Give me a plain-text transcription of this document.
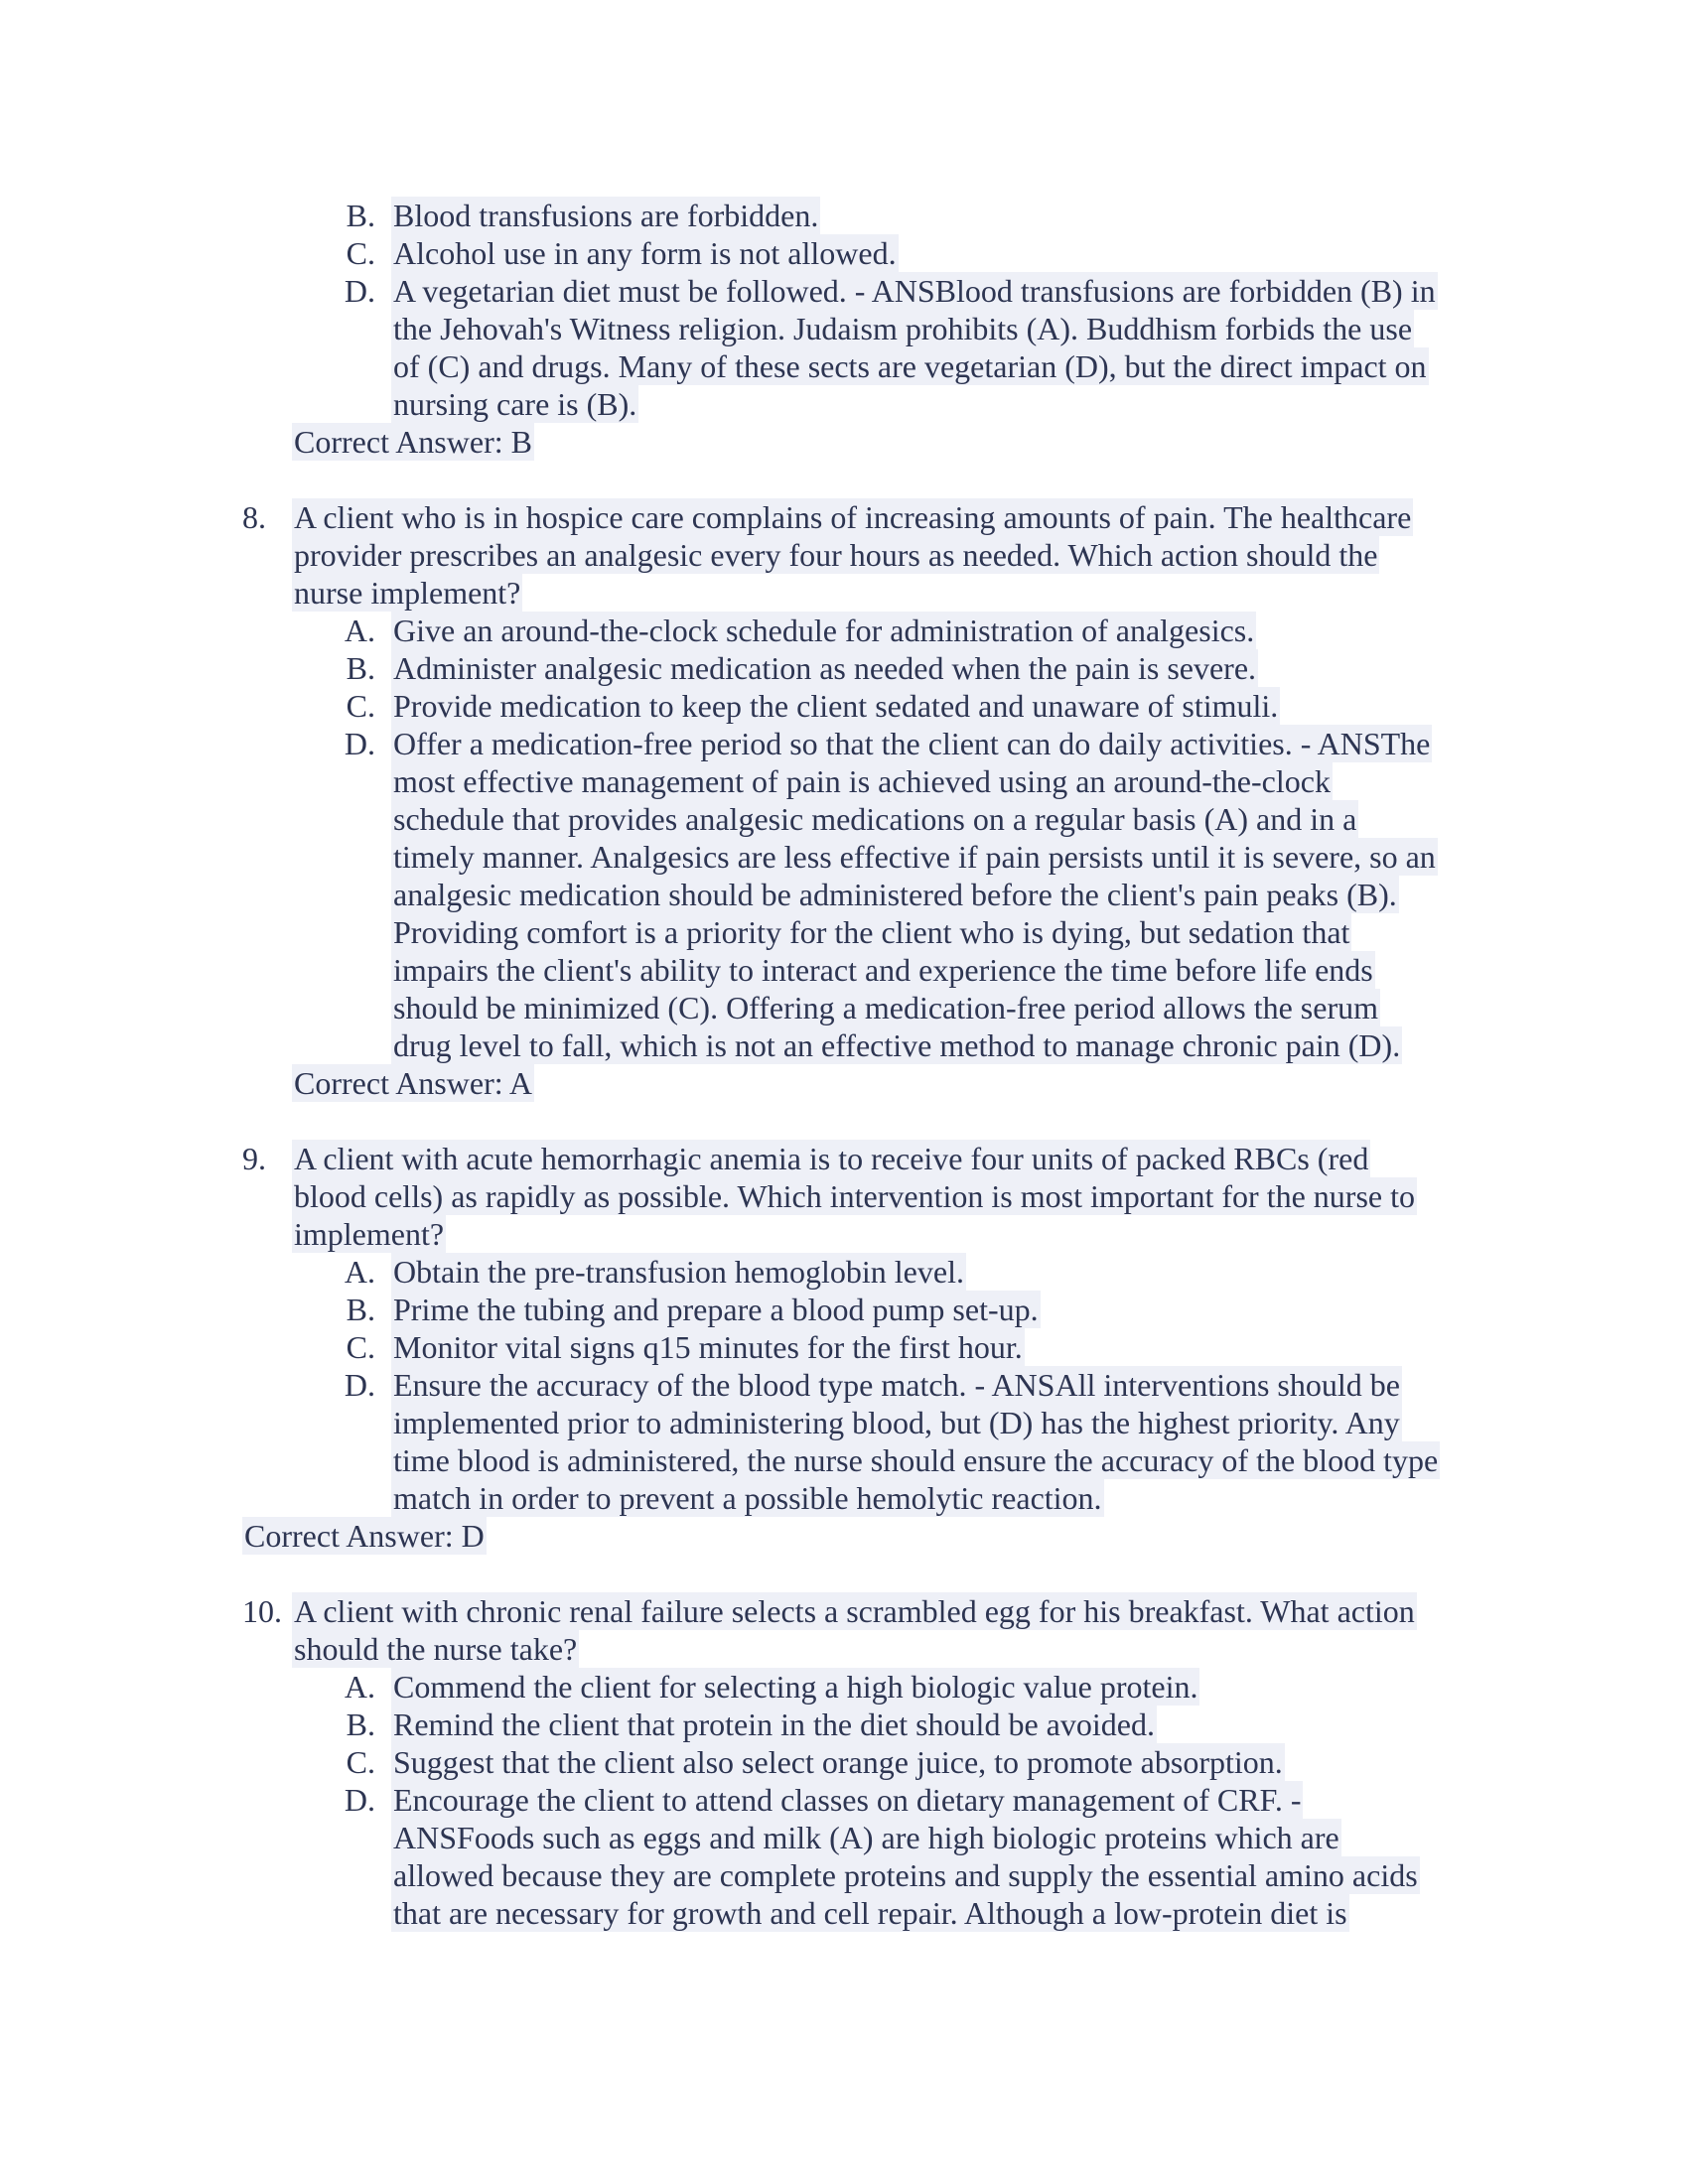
B. Blood transfusions are forbidden.
C. Alcohol use in any form is not allowed.
D. A vegetarian diet must be followed. - ANSBlood transfusions are forbidden (B) in
the Jehovah's Witness religion. Judaism prohibits (A). Buddhism forbids the use
of (C) and drugs. Many of these sects are vegetarian (D), but the direct impact on
nursing care is (B).
Correct Answer: B
8. A client who is in hospice care complains of increasing amounts of pain. The healthcare
provider prescribes an analgesic every four hours as needed. Which action should the
nurse implement?
A. Give an around-the-clock schedule for administration of analgesics.
B. Administer analgesic medication as needed when the pain is severe.
C. Provide medication to keep the client sedated and unaware of stimuli.
D. Offer a medication-free period so that the client can do daily activities. - ANSThe
most effective management of pain is achieved using an around-the-clock
schedule that provides analgesic medications on a regular basis (A) and in a
timely manner. Analgesics are less effective if pain persists until it is severe, so an
analgesic medication should be administered before the client's pain peaks (B).
Providing comfort is a priority for the client who is dying, but sedation that
impairs the client's ability to interact and experience the time before life ends
should be minimized (C). Offering a medication-free period allows the serum
drug level to fall, which is not an effective method to manage chronic pain (D).
Correct Answer: A
9. A client with acute hemorrhagic anemia is to receive four units of packed RBCs (red
blood cells) as rapidly as possible. Which intervention is most important for the nurse to
implement?
A. Obtain the pre-transfusion hemoglobin level.
B. Prime the tubing and prepare a blood pump set-up.
C. Monitor vital signs q15 minutes for the first hour.
D. Ensure the accuracy of the blood type match. - ANSAll interventions should be
implemented prior to administering blood, but (D) has the highest priority. Any
time blood is administered, the nurse should ensure the accuracy of the blood type
match in order to prevent a possible hemolytic reaction.
Correct Answer: D
10. A client with chronic renal failure selects a scrambled egg for his breakfast. What action
should the nurse take?
A. Commend the client for selecting a high biologic value protein.
B. Remind the client that protein in the diet should be avoided.
C. Suggest that the client also select orange juice, to promote absorption.
D. Encourage the client to attend classes on dietary management of CRF. -
ANSFoods such as eggs and milk (A) are high biologic proteins which are
allowed because they are complete proteins and supply the essential amino acids
that are necessary for growth and cell repair. Although a low-protein diet is
